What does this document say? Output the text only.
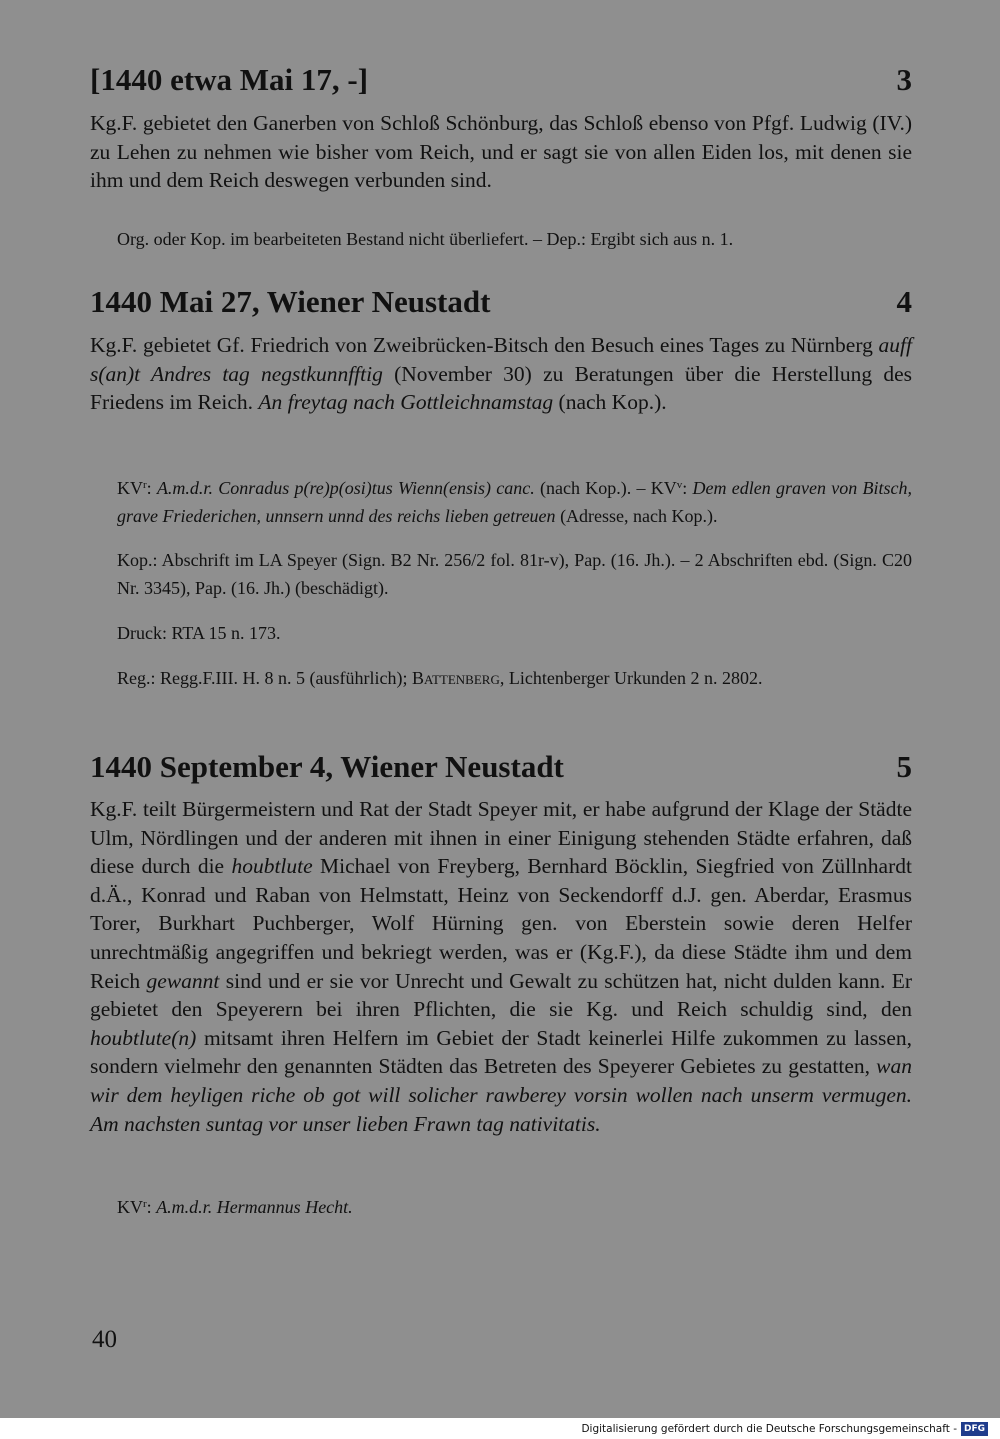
[1440 etwa Mai 17, -]	3
Kg.F. gebietet den Ganerben von Schloß Schönburg, das Schloß ebenso von Pfgf. Ludwig (IV.) zu Lehen zu nehmen wie bisher vom Reich, und er sagt sie von allen Eiden los, mit denen sie ihm und dem Reich deswegen verbunden sind.
Org. oder Kop. im bearbeiteten Bestand nicht überliefert. – Dep.: Ergibt sich aus n. 1.
1440 Mai 27, Wiener Neustadt	4
Kg.F. gebietet Gf. Friedrich von Zweibrücken-Bitsch den Besuch eines Tages zu Nürnberg auff s(an)t Andres tag negstkunnfftig (November 30) zu Beratungen über die Herstellung des Friedens im Reich. An freytag nach Gottleichnamstag (nach Kop.).
$KV^r$: A.m.d.r. Conradus p(re)p(osi)tus Wienn(ensis) canc. (nach Kop.). – $KV^v$: Dem edlen graven von Bitsch, grave Friederichen, unnsern unnd des reichs lieben getreuen (Adresse, nach Kop.).
Kop.: Abschrift im LA Speyer (Sign. B2 Nr. 256/2 fol. 81r-v), Pap. (16. Jh.). – 2 Abschriften ebd. (Sign. C20 Nr. 3345), Pap. (16. Jh.) (beschädigt).
Druck: RTA 15 n. 173.
Reg.: Regg.F.III. H. 8 n. 5 (ausführlich); Battenberg, Lichtenberger Urkunden 2 n. 2802.
1440 September 4, Wiener Neustadt	5
Kg.F. teilt Bürgermeistern und Rat der Stadt Speyer mit, er habe aufgrund der Klage der Städte Ulm, Nördlingen und der anderen mit ihnen in einer Einigung stehenden Städte erfahren, daß diese durch die houbtlute Michael von Freyberg, Bernhard Böcklin, Siegfried von Züllnhardt d.Ä., Konrad und Raban von Helmstatt, Heinz von Seckendorff d.J. gen. Aberdar, Erasmus Torer, Burkhart Puchberger, Wolf Hürning gen. von Eberstein sowie deren Helfer unrechtmäßig angegriffen und bekriegt werden, was er (Kg.F.), da diese Städte ihm und dem Reich gewannt sind und er sie vor Unrecht und Gewalt zu schützen hat, nicht dulden kann. Er gebietet den Speyerern bei ihren Pflichten, die sie Kg. und Reich schuldig sind, den houbtlute(n) mitsamt ihren Helfern im Gebiet der Stadt keinerlei Hilfe zukommen zu lassen, sondern vielmehr den genannten Städten das Betreten des Speyerer Gebietes zu gestatten, wan wir dem heyligen riche ob got will solicher rawberey vorsin wollen nach unserm vermugen. Am nachsten suntag vor unser lieben Frawn tag nativitatis.
$KV^r$: A.m.d.r. Hermannus Hecht.
40
Digitalisierung gefördert durch die Deutsche Forschungsgemeinschaft - DFG
